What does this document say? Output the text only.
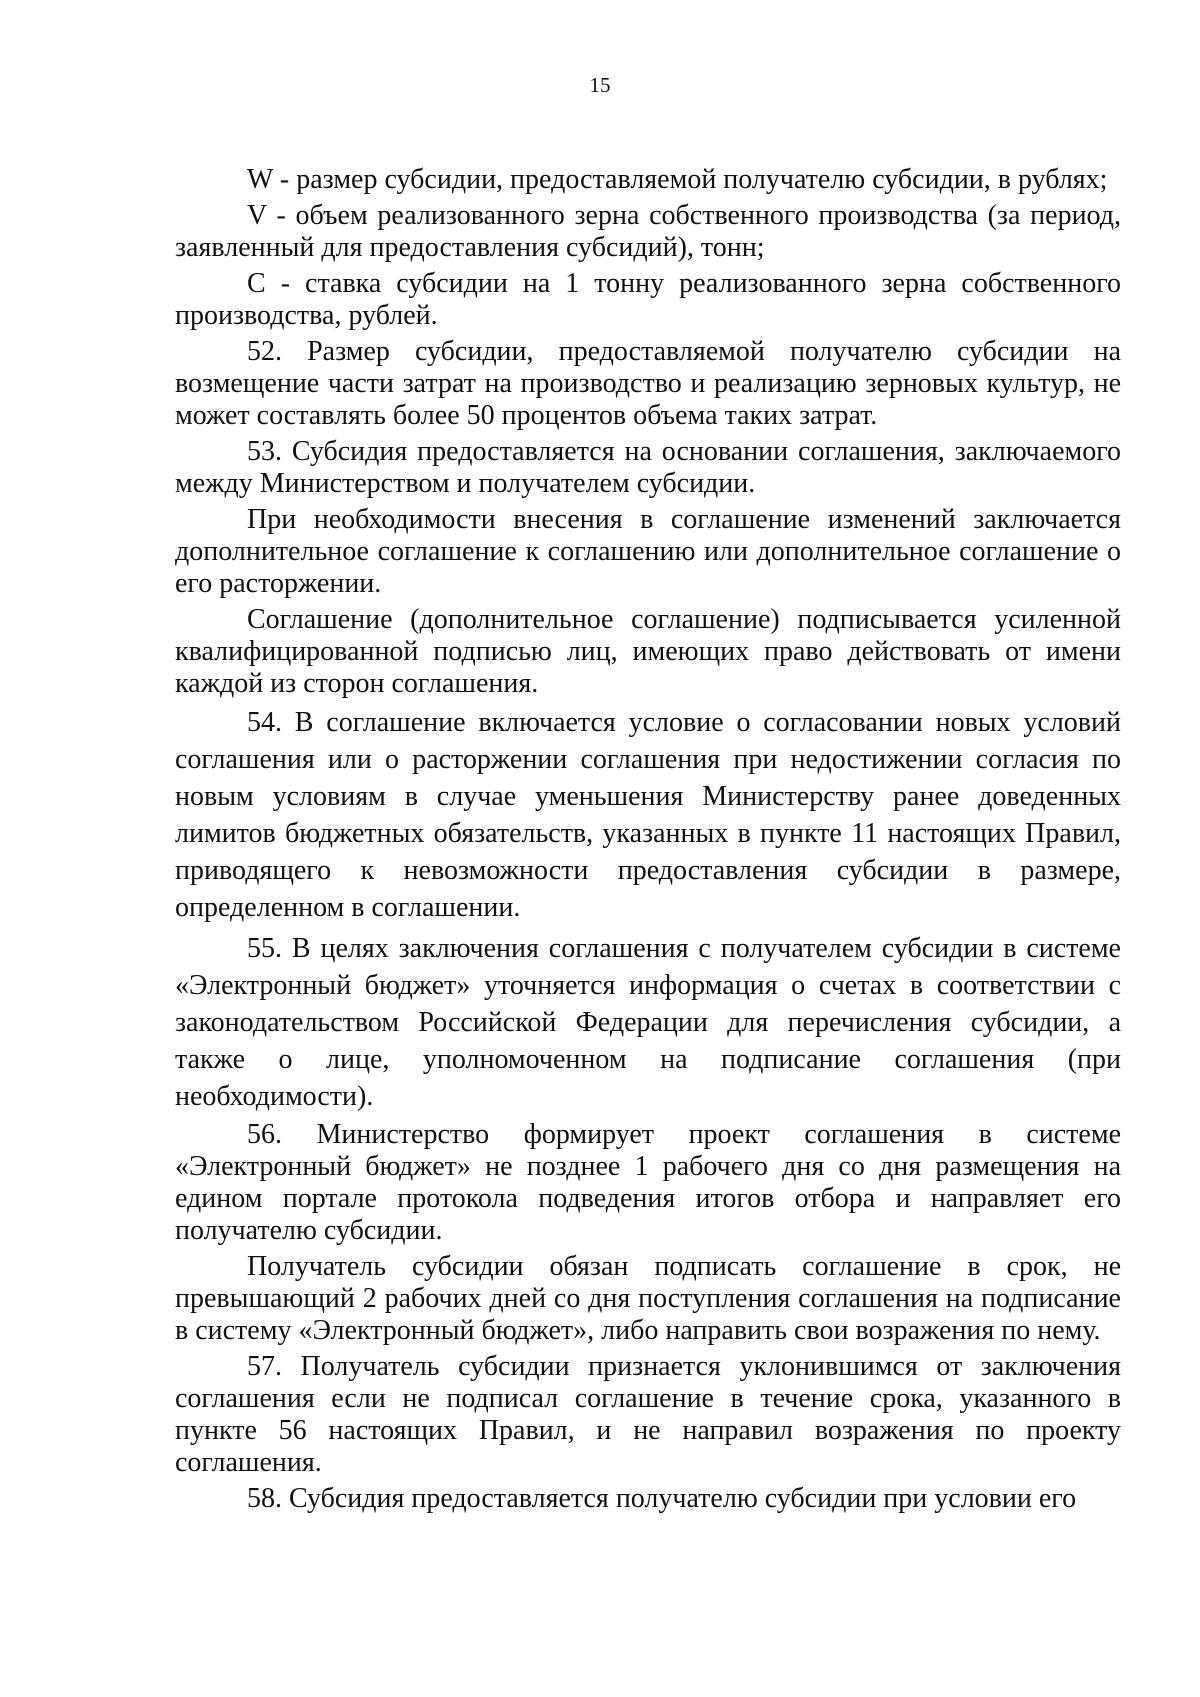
15

W - размер субсидии, предоставляемой получателю субсидии, в рублях;

V - объем реализованного зерна собственного производства (за период, заявленный для предоставления субсидий), тонн;

С - ставка субсидии на 1 тонну реализованного зерна собственного производства, рублей.

52. Размер субсидии, предоставляемой получателю субсидии на возмещение части затрат на производство и реализацию зерновых культур, не может составлять более 50 процентов объема таких затрат.

53. Субсидия предоставляется на основании соглашения, заключаемого между Министерством и получателем субсидии.

При необходимости внесения в соглашение изменений заключается дополнительное соглашение к соглашению или дополнительное соглашение о его расторжении.

Соглашение (дополнительное соглашение) подписывается усиленной квалифицированной подписью лиц, имеющих право действовать от имени каждой из сторон соглашения.

54. В соглашение включается условие о согласовании новых условий соглашения или о расторжении соглашения при недостижении согласия по новым условиям в случае уменьшения Министерству ранее доведенных лимитов бюджетных обязательств, указанных в пункте 11 настоящих Правил, приводящего к невозможности предоставления субсидии в размере, определенном в соглашении.

55. В целях заключения соглашения с получателем субсидии в системе «Электронный бюджет» уточняется информация о счетах в соответствии с законодательством Российской Федерации для перечисления субсидии, а также о лице, уполномоченном на подписание соглашения (при необходимости).

56. Министерство формирует проект соглашения в системе «Электронный бюджет» не позднее 1 рабочего дня со дня размещения на едином портале протокола подведения итогов отбора и направляет его получателю субсидии.

Получатель субсидии обязан подписать соглашение в срок, не превышающий 2 рабочих дней со дня поступления соглашения на подписание в систему «Электронный бюджет», либо направить свои возражения по нему.

57. Получатель субсидии признается уклонившимся от заключения соглашения если не подписал соглашение в течение срока, указанного в пункте 56 настоящих Правил, и не направил возражения по проекту соглашения.

58. Субсидия предоставляется получателю субсидии при условии его
